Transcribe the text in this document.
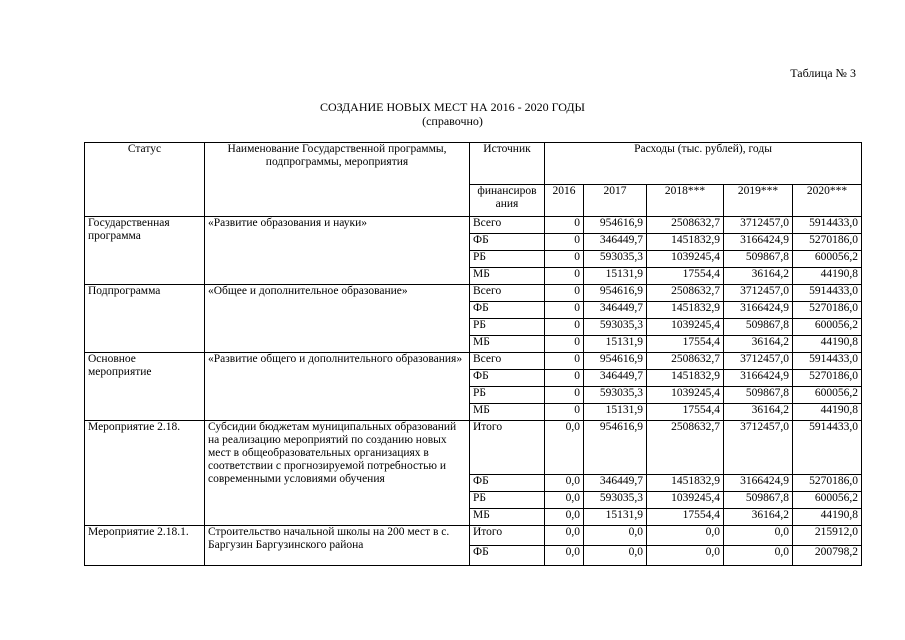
Таблица № 3
СОЗДАНИЕ НОВЫХ МЕСТ НА 2016 - 2020 ГОДЫ
(справочно)
Статус	Наименование Государственной программы, подпрограммы, мероприятия	Источник	Расходы (тыс. рублей), годы				
		финансиров ания	2016	2017	2018***	2019***	2020***
Государственная программа	«Развитие образования и науки»	Всего	0	954616,9	2508632,7	3712457,0	5914433,0
		ФБ	0	346449,7	1451832,9	3166424,9	5270186,0
		РБ	0	593035,3	1039245,4	509867,8	600056,2
		МБ	0	15131,9	17554,4	36164,2	44190,8
Подпрограмма	«Общее и дополнительное образование»	Всего	0	954616,9	2508632,7	3712457,0	5914433,0
		ФБ	0	346449,7	1451832,9	3166424,9	5270186,0
		РБ	0	593035,3	1039245,4	509867,8	600056,2
		МБ	0	15131,9	17554,4	36164,2	44190,8
Основное мероприятие	«Развитие общего и дополнительного образования»	Всего	0	954616,9	2508632,7	3712457,0	5914433,0
		ФБ	0	346449,7	1451832,9	3166424,9	5270186,0
		РБ	0	593035,3	1039245,4	509867,8	600056,2
		МБ	0	15131,9	17554,4	36164,2	44190,8
Мероприятие 2.18.	Субсидии бюджетам муниципальных образований на реализацию мероприятий по созданию новых мест в общеобразовательных организациях в соответствии с прогнозируемой потребностью и современными условиями обучения	Итого	0,0	954616,9	2508632,7	3712457,0	5914433,0
		ФБ	0,0	346449,7	1451832,9	3166424,9	5270186,0
		РБ	0,0	593035,3	1039245,4	509867,8	600056,2
		МБ	0,0	15131,9	17554,4	36164,2	44190,8
Мероприятие 2.18.1.	Строительство начальной школы на 200 мест в с. Баргузин Баргузинского района	Итого	0,0	0,0	0,0	0,0	215912,0
		ФБ	0,0	0,0	0,0	0,0	200798,2
